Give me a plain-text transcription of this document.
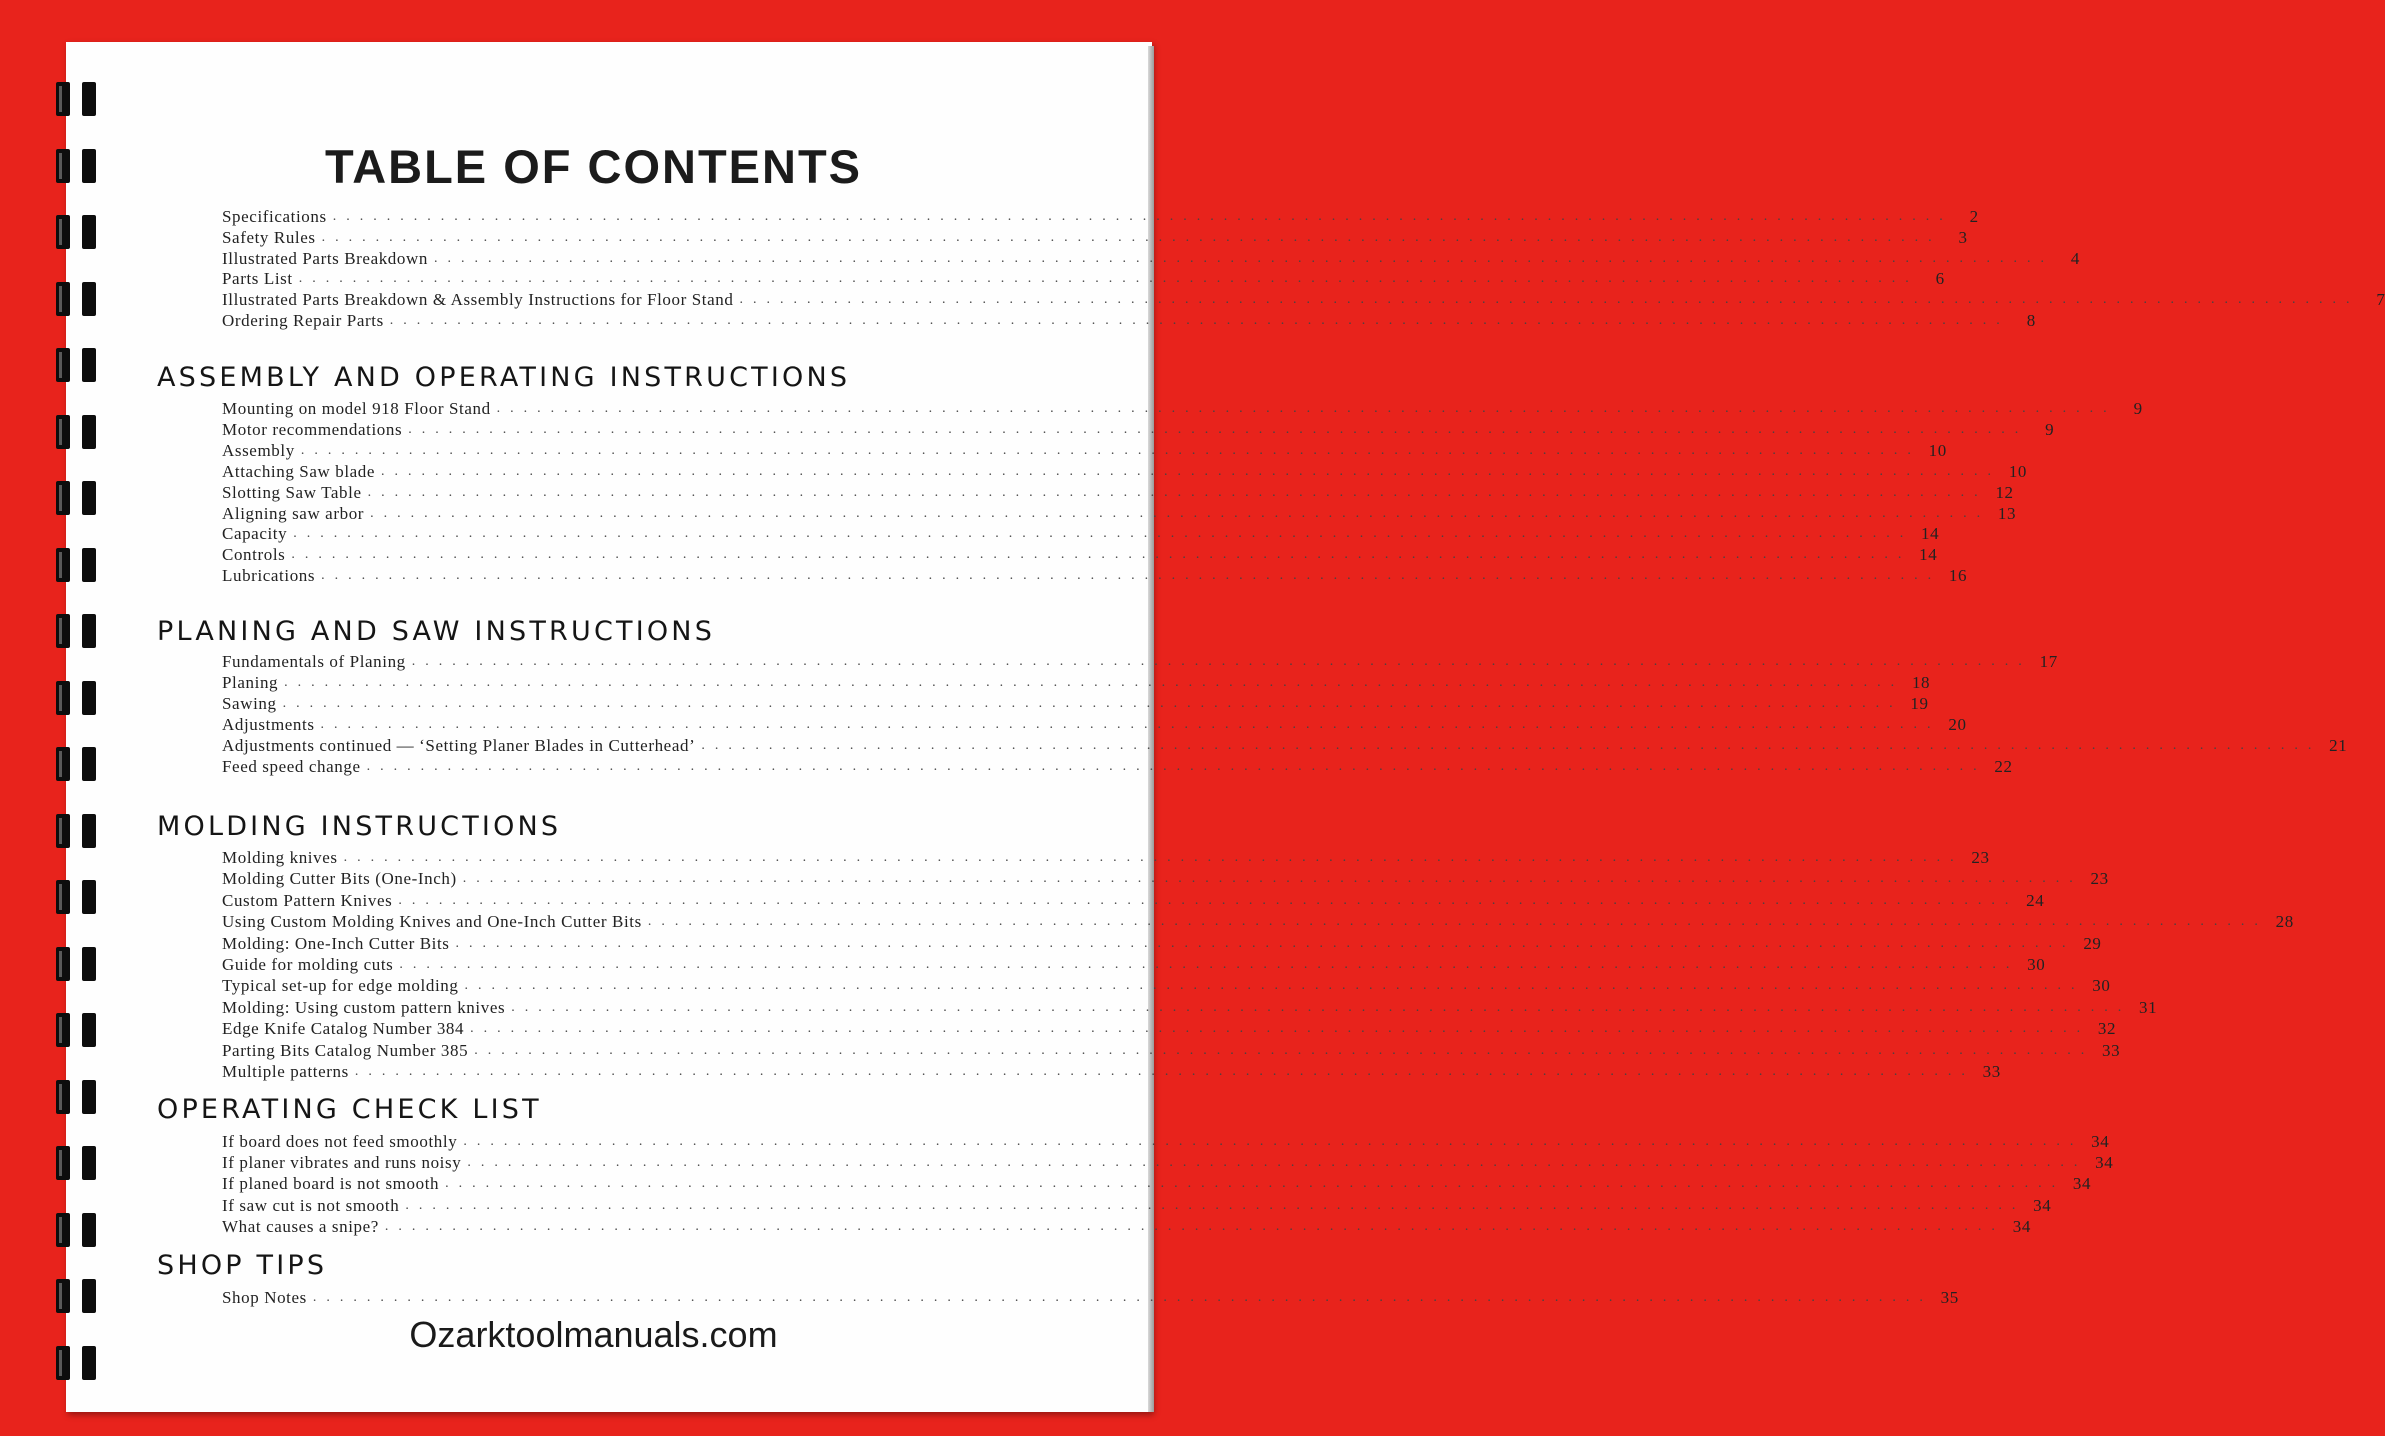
TABLE OF CONTENTS
Specifications ........................................................................................................................ 2
Safety Rules ........................................................................................................................ 3
Illustrated Parts Breakdown ........................................................................................................................ 4
Parts List ........................................................................................................................ 6
Illustrated Parts Breakdown & Assembly Instructions for Floor Stand ........................................................................................................................ 7
Ordering Repair Parts ........................................................................................................................ 8
ASSEMBLY AND OPERATING INSTRUCTIONS
Mounting on model 918 Floor Stand ........................................................................................................................ 9
Motor recommendations ........................................................................................................................ 9
Assembly ........................................................................................................................ 10
Attaching Saw blade ........................................................................................................................ 10
Slotting Saw Table ........................................................................................................................ 12
Aligning saw arbor ........................................................................................................................ 13
Capacity ........................................................................................................................ 14
Controls ........................................................................................................................ 14
Lubrications ........................................................................................................................ 16
PLANING AND SAW INSTRUCTIONS
Fundamentals of Planing ........................................................................................................................ 17
Planing ........................................................................................................................ 18
Sawing ........................................................................................................................ 19
Adjustments ........................................................................................................................ 20
Adjustments continued — ‘Setting Planer Blades in Cutterhead’ ........................................................................................................................ 21
Feed speed change ........................................................................................................................ 22
MOLDING INSTRUCTIONS
Molding knives ........................................................................................................................ 23
Molding Cutter Bits (One-Inch) ........................................................................................................................ 23
Custom Pattern Knives ........................................................................................................................ 24
Using Custom Molding Knives and One-Inch Cutter Bits ........................................................................................................................ 28
Molding: One-Inch Cutter Bits ........................................................................................................................ 29
Guide for molding cuts ........................................................................................................................ 30
Typical set-up for edge molding ........................................................................................................................ 30
Molding: Using custom pattern knives ........................................................................................................................ 31
Edge Knife Catalog Number 384 ........................................................................................................................ 32
Parting Bits Catalog Number 385 ........................................................................................................................ 33
Multiple patterns ........................................................................................................................ 33
OPERATING CHECK LIST
If board does not feed smoothly ........................................................................................................................ 34
If planer vibrates and runs noisy ........................................................................................................................ 34
If planed board is not smooth ........................................................................................................................ 34
If saw cut is not smooth ........................................................................................................................ 34
What causes a snipe? ........................................................................................................................ 34
SHOP TIPS
Shop Notes ........................................................................................................................ 35
Ozarktoolmanuals.com
